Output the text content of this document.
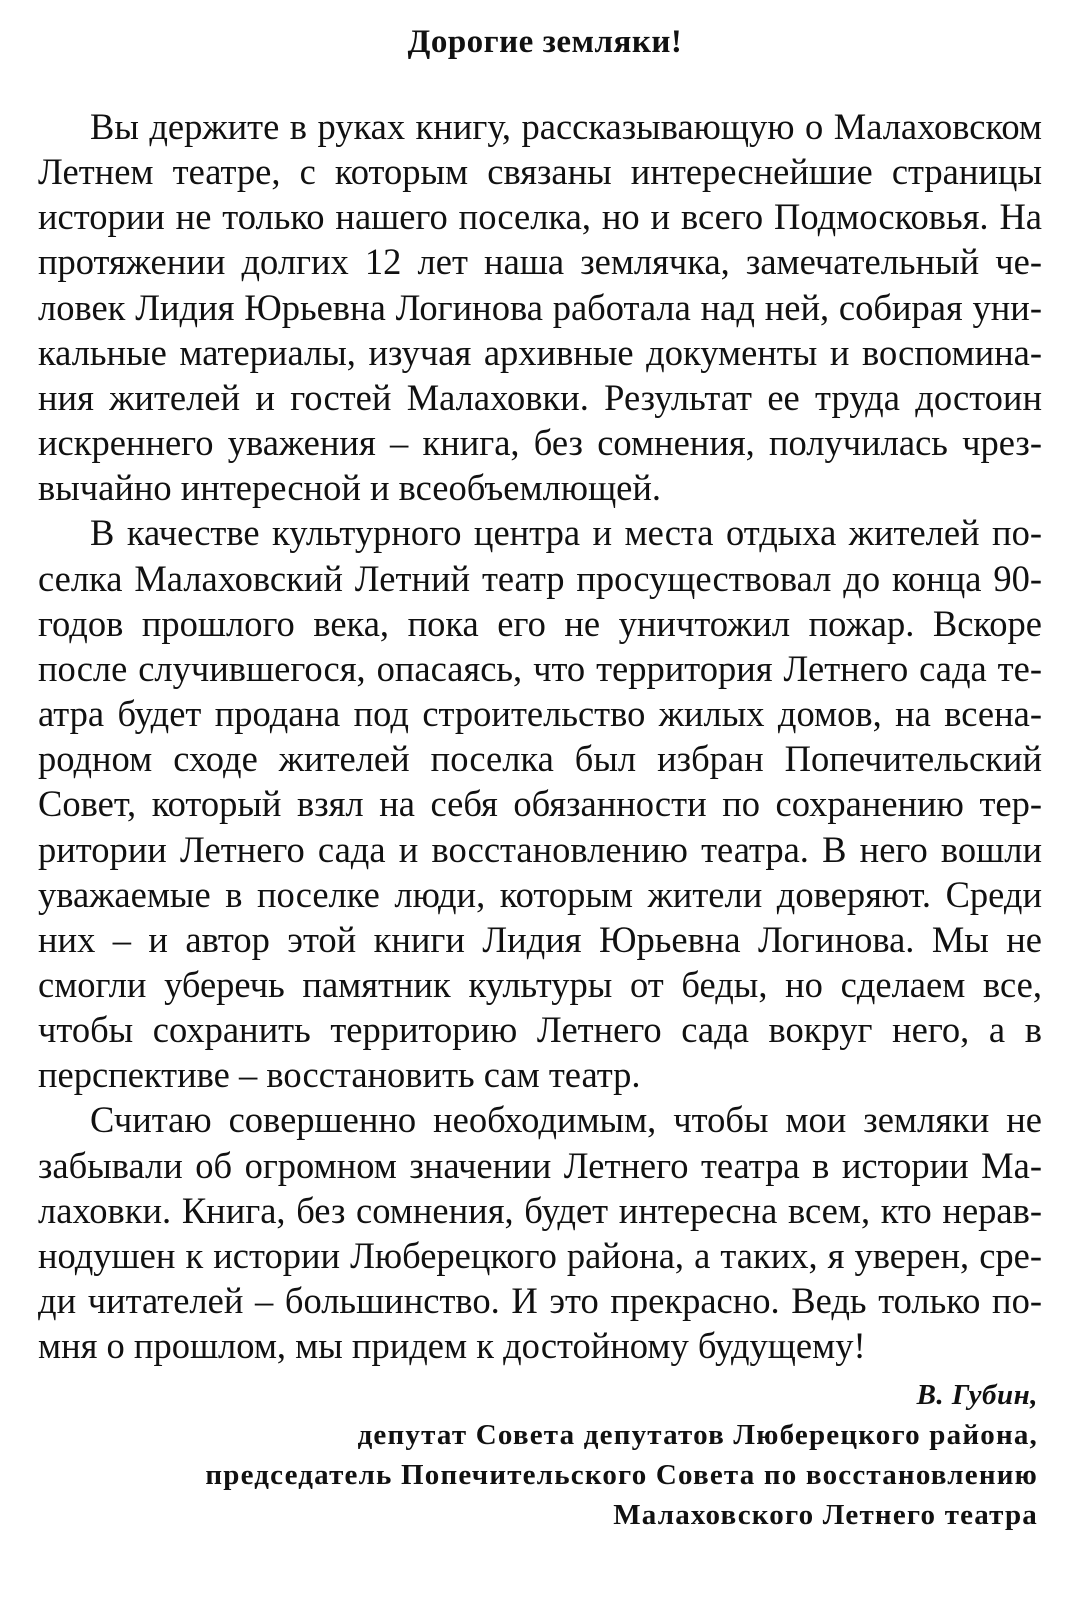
Дорогие земляки!

Вы держите в руках книгу, рассказывающую о Малаховском Летнем театре, с которым связаны интереснейшие страницы истории не только нашего поселка, но и всего Подмосковья. На протяжении долгих 12 лет наша землячка, замечательный человек Лидия Юрьевна Логинова работала над ней, собирая уникальные материалы, изучая архивные документы и воспоминания жителей и гостей Малаховки. Результат ее труда достоин искреннего уважения – книга, без сомнения, получилась чрезвычайно интересной и всеобъемлющей.

В качестве культурного центра и места отдыха жителей поселка Малаховский Летний театр просуществовал до конца 90-годов прошлого века, пока его не уничтожил пожар. Вскоре после случившегося, опасаясь, что территория Летнего сада театра будет продана под строительство жилых домов, на всенародном сходе жителей поселка был избран Попечительский Совет, который взял на себя обязанности по сохранению территории Летнего сада и восстановлению театра. В него вошли уважаемые в поселке люди, которым жители доверяют. Среди них – и автор этой книги Лидия Юрьевна Логинова. Мы не смогли уберечь памятник культуры от беды, но сделаем все, чтобы сохранить территорию Летнего сада вокруг него, а в перспективе – восстановить сам театр.

Считаю совершенно необходимым, чтобы мои земляки не забывали об огромном значении Летнего театра в истории Малаховки. Книга, без сомнения, будет интересна всем, кто неравнодушен к истории Люберецкого района, а таких, я уверен, среди читателей – большинство. И это прекрасно. Ведь только помня о прошлом, мы придем к достойному будущему!

В. Губин,
депутат Совета депутатов Люберецкого района,
председатель Попечительского Совета по восстановлению
Малаховского Летнего театра
